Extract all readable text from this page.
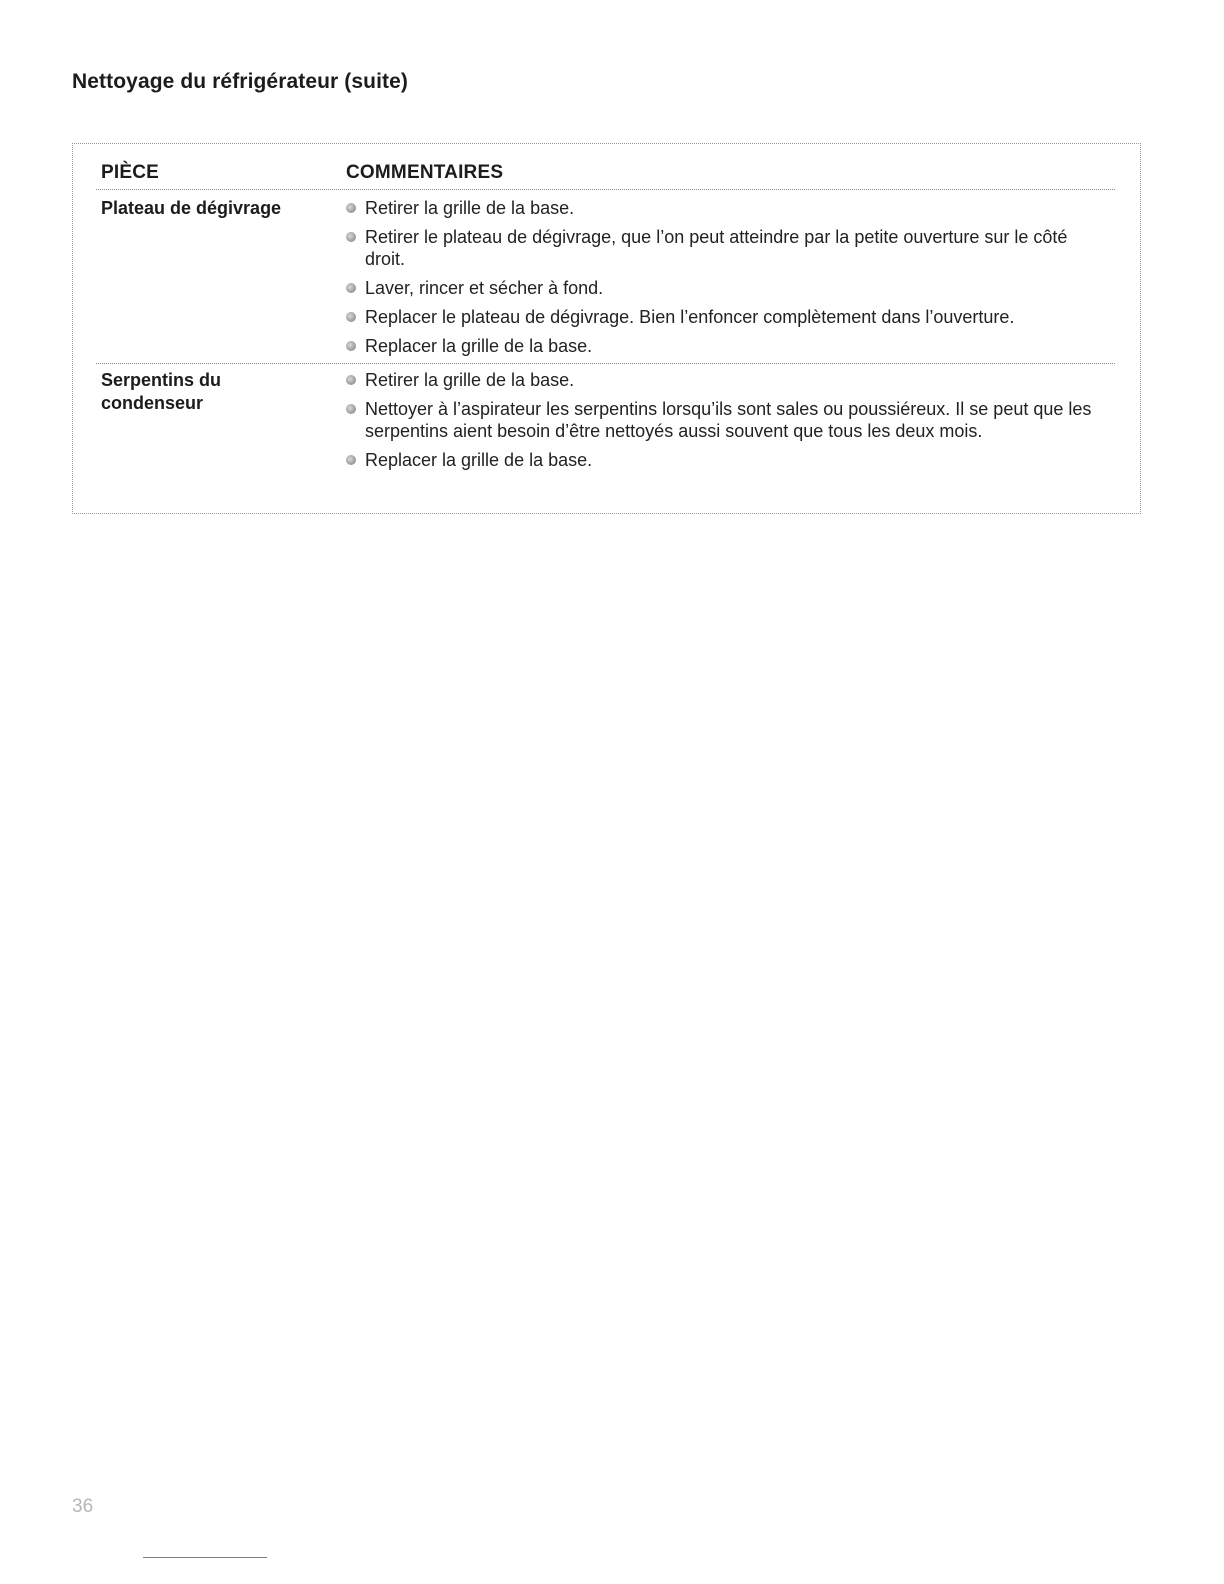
Nettoyage du réfrigérateur (suite)
PIÈCE	COMMENTAIRES

Plateau de dégivrage	Retirer la grille de la base.
Retirer le plateau de dégivrage, que l’on peut atteindre par la petite ouverture sur le côté droit.
Laver, rincer et sécher à fond.
Replacer le plateau de dégivrage. Bien l’enfoncer complètement dans l’ouverture.
Replacer la grille de la base.

Serpentins du
condenseur

Retirer la grille de la base.
Nettoyer à l’aspirateur les serpentins lorsqu’ils sont sales ou poussiéreux. Il se peut que les serpentins aient besoin d’être nettoyés aussi souvent que tous les deux mois.
Replacer la grille de la base.
36
